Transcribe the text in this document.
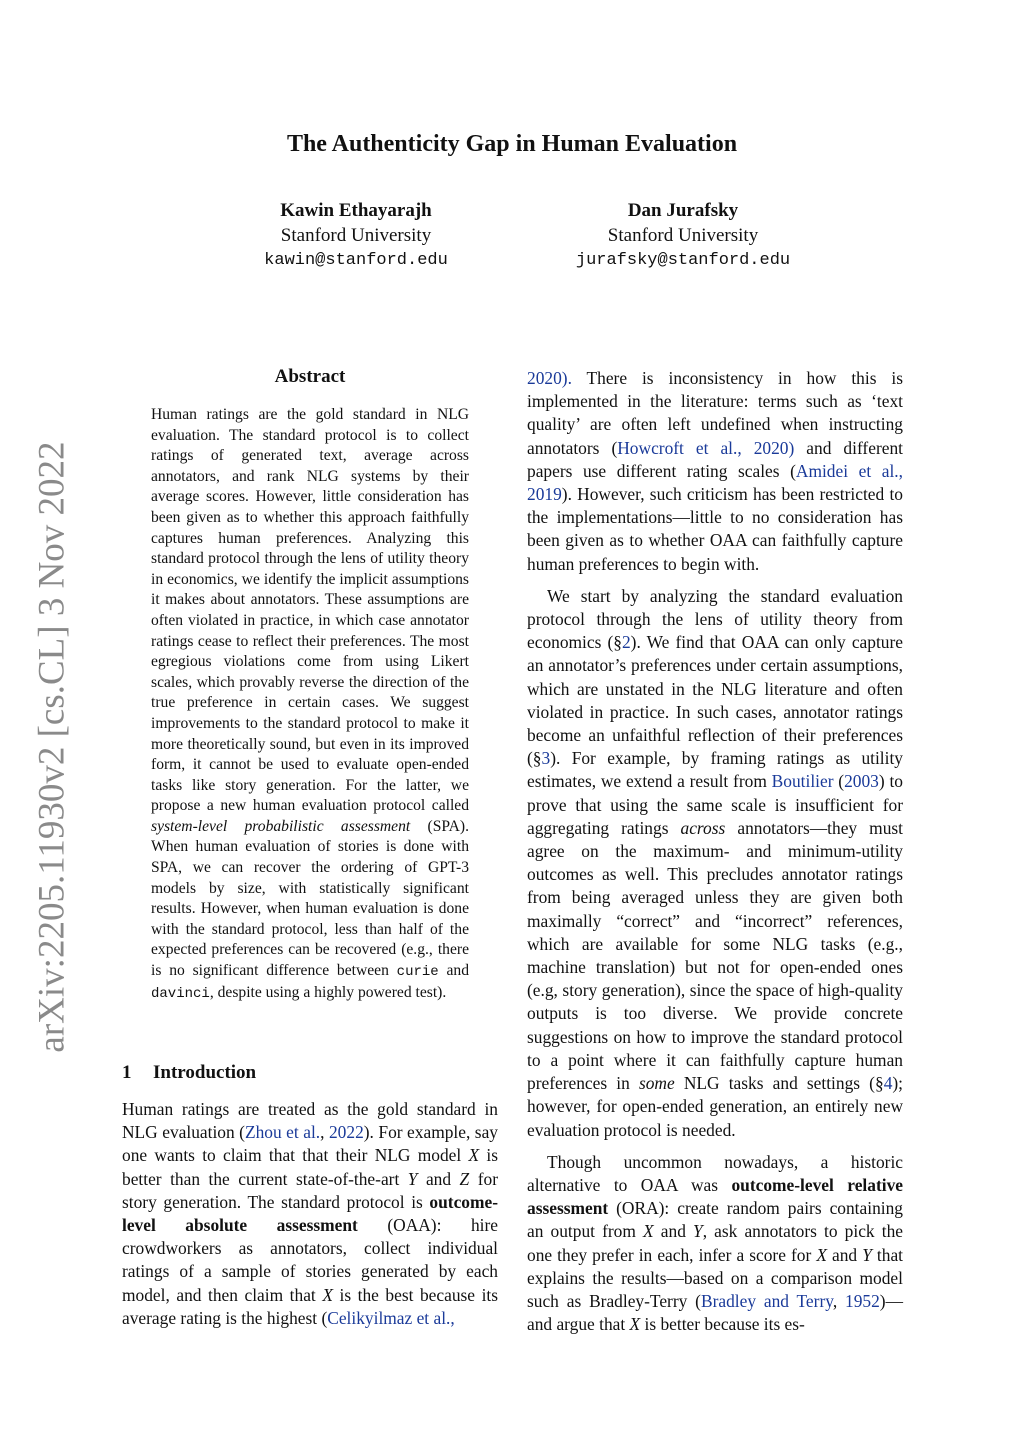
arXiv:2205.11930v2 [cs.CL] 3 Nov 2022
The Authenticity Gap in Human Evaluation
Kawin Ethayarajh
Stanford University
kawin@stanford.edu
Dan Jurafsky
Stanford University
jurafsky@stanford.edu
Abstract
Human ratings are the gold standard in NLG evaluation. The standard protocol is to collect ratings of generated text, average across annotators, and rank NLG systems by their average scores. However, little consideration has been given as to whether this approach faithfully captures human preferences. Analyzing this standard protocol through the lens of utility theory in economics, we identify the implicit assumptions it makes about annotators. These assumptions are often violated in practice, in which case annotator ratings cease to reflect their preferences. The most egregious violations come from using Likert scales, which provably reverse the direction of the true preference in certain cases. We suggest improvements to the standard protocol to make it more theoretically sound, but even in its improved form, it cannot be used to evaluate open-ended tasks like story generation. For the latter, we propose a new human evaluation protocol called system-level probabilistic assessment (SPA). When human evaluation of stories is done with SPA, we can recover the ordering of GPT-3 models by size, with statistically significant results. However, when human evaluation is done with the standard protocol, less than half of the expected preferences can be recovered (e.g., there is no significant difference between curie and davinci, despite using a highly powered test).
1 Introduction

Human ratings are treated as the gold standard in NLG evaluation (Zhou et al., 2022). For example, say one wants to claim that that their NLG model X is better than the current state-of-the-art Y and Z for story generation. The standard protocol is outcome-level absolute assessment (OAA): hire crowdworkers as annotators, collect individual ratings of a sample of stories generated by each model, and then claim that X is the best because its average rating is the highest (Celikyilmaz et al.,

2020). There is inconsistency in how this is implemented in the literature: terms such as ‘text quality’ are often left undefined when instructing annotators (Howcroft et al., 2020) and different papers use different rating scales (Amidei et al., 2019). However, such criticism has been restricted to the implementations—little to no consideration has been given as to whether OAA can faithfully capture human preferences to begin with.

We start by analyzing the standard evaluation protocol through the lens of utility theory from economics (§2). We find that OAA can only capture an annotator’s preferences under certain assumptions, which are unstated in the NLG literature and often violated in practice. In such cases, annotator ratings become an unfaithful reflection of their preferences (§3). For example, by framing ratings as utility estimates, we extend a result from Boutilier (2003) to prove that using the same scale is insufficient for aggregating ratings across annotators—they must agree on the maximum- and minimum-utility outcomes as well. This precludes annotator ratings from being averaged unless they are given both maximally “correct” and “incorrect” references, which are available for some NLG tasks (e.g., machine translation) but not for open-ended ones (e.g, story generation), since the space of high-quality outputs is too diverse. We provide concrete suggestions on how to improve the standard protocol to a point where it can faithfully capture human preferences in some NLG tasks and settings (§4); however, for open-ended generation, an entirely new evaluation protocol is needed.

Though uncommon nowadays, a historic alternative to OAA was outcome-level relative assessment (ORA): create random pairs containing an output from X and Y, ask annotators to pick the one they prefer in each, infer a score for X and Y that explains the results—based on a comparison model such as Bradley-Terry (Bradley and Terry, 1952)—and argue that X is better because its es-
